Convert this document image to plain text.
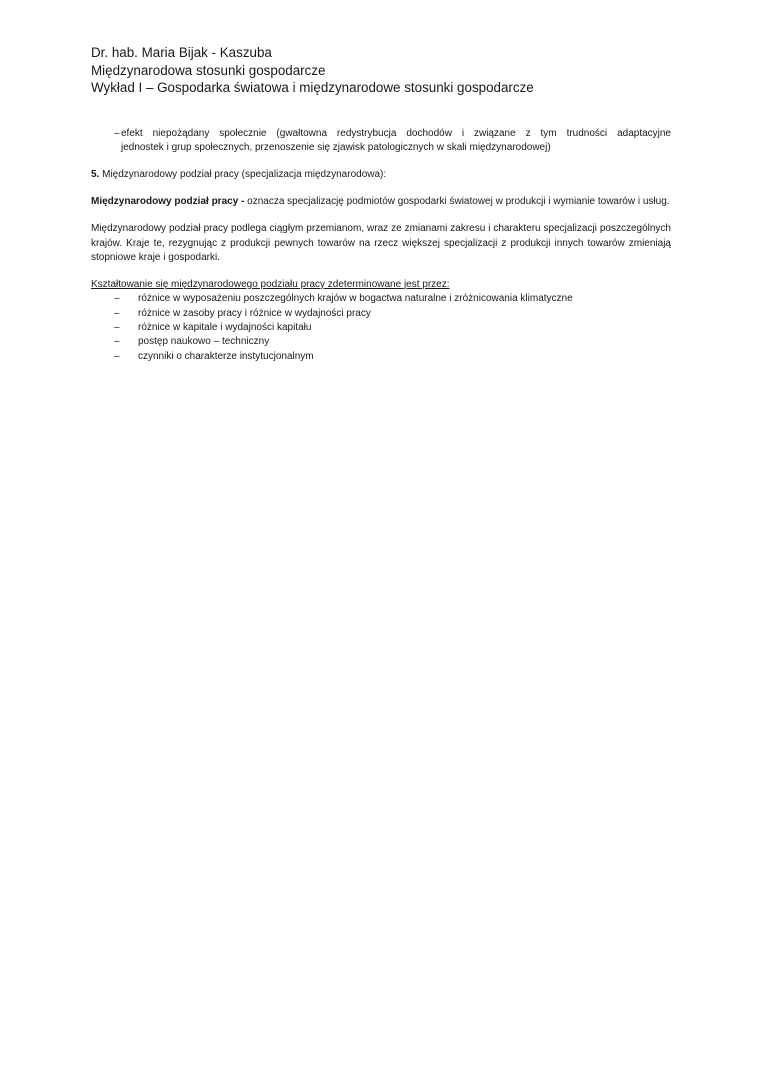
Dr. hab. Maria Bijak - Kaszuba
Międzynarodowa stosunki gospodarcze
Wykład I – Gospodarka światowa i międzynarodowe stosunki gospodarcze
– efekt niepożądany społecznie (gwałtowna redystrybucja dochodów i związane z tym trudności adaptacyjne
jednostek i grup społecznych, przenoszenie się zjawisk patologicznych w skali międzynarodowej)

5. Międzynarodowy podział pracy (specjalizacja międzynarodowa):

Międzynarodowy podział pracy - oznacza specjalizację podmiotów gospodarki światowej w produkcji i wymianie towarów i usług.

Międzynarodowy podział pracy podlega ciągłym przemianom, wraz ze zmianami zakresu i charakteru specjalizacji poszczególnych krajów. Kraje te, rezygnując z produkcji pewnych towarów na rzecz większej specjalizacji z produkcji innych towarów zmieniają stopniowe kraje i gospodarki.

Kształtowanie się międzynarodowego podziału pracy zdeterminowane jest przez:

– różnice w wyposażeniu poszczególnych krajów w bogactwa naturalne i zróżnicowania klimatyczne
– różnice w zasoby pracy i różnice w wydajności pracy
– różnice w kapitale i wydajności kapitału
– postęp naukowo – techniczny
– czynniki o charakterze instytucjonalnym
